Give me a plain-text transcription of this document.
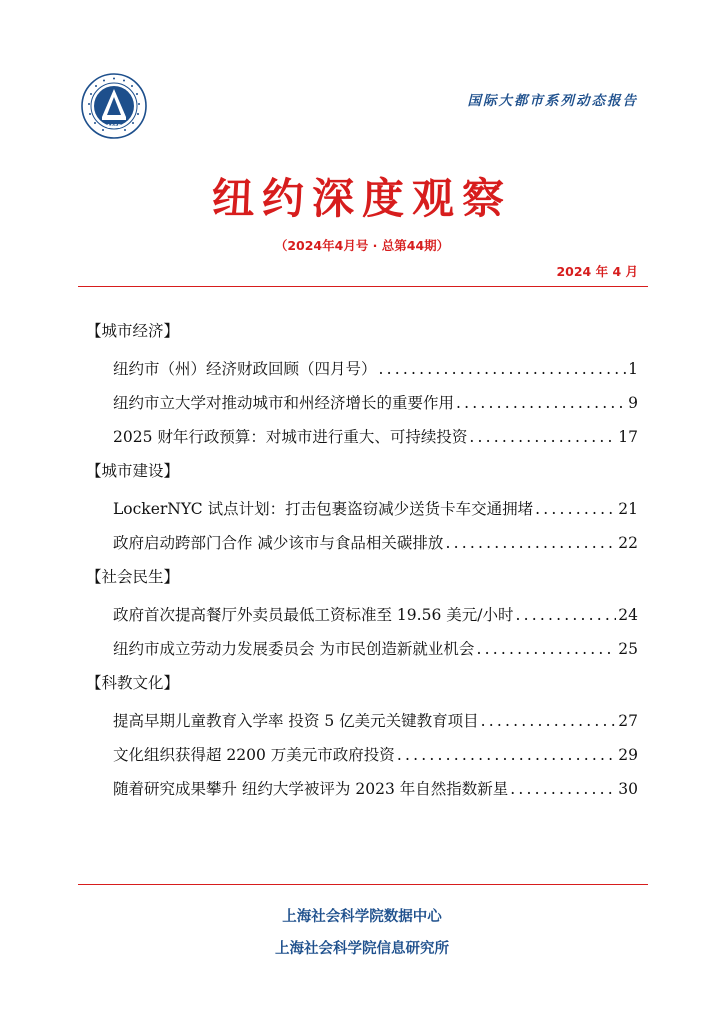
1958
国际大都市系列动态报告
纽约深度观察
（2024年4月号 · 总第44期）
2024 年 4 月
【城市经济】
纽约市（州）经济财政回顾（四月号） .....	1
纽约市立大学对推动城市和州经济增长的重要作用 .....	9
2025 财年行政预算：对城市进行重大、可持续投资 .....	17
【城市建设】
LockerNYC 试点计划：打击包裹盗窃减少送货卡车交通拥堵 .....	21
政府启动跨部门合作 减少该市与食品相关碳排放 .....	22
【社会民生】
政府首次提高餐厅外卖员最低工资标准至 19.56 美元/小时 .....	24
纽约市成立劳动力发展委员会 为市民创造新就业机会 .....	25
【科教文化】
提高早期儿童教育入学率 投资 5 亿美元关键教育项目 .....	27
文化组织获得超 2200 万美元市政府投资 .....	29
随着研究成果攀升 纽约大学被评为 2023 年自然指数新星 .....	30
上海社会科学院数据中心
上海社会科学院信息研究所
